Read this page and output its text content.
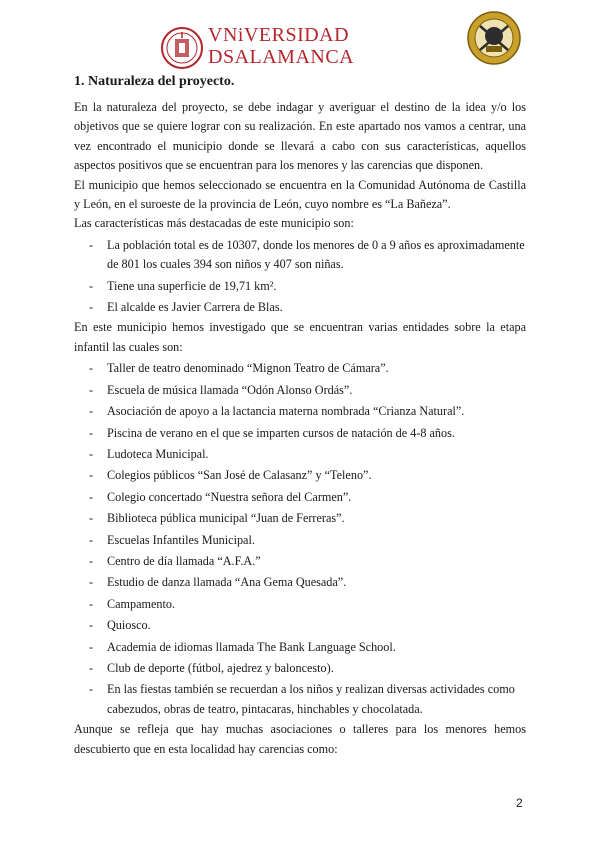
VNiVERSIDAD
DSALAMANCA
1. Naturaleza del proyecto.

En la naturaleza del proyecto, se debe indagar y averiguar el destino de la idea y/o los objetivos que se quiere lograr con su realización. En este apartado nos vamos a centrar, una vez encontrado el municipio donde se llevará a cabo con sus características, aquellos aspectos positivos que se encuentran para los menores y las carencias que disponen.

El municipio que hemos seleccionado se encuentra en la Comunidad Autónoma de Castilla y León, en el suroeste de la provincia de León, cuyo nombre es “La Bañeza”.

Las características más destacadas de este municipio son:

- La población total es de 10307, donde los menores de 0 a 9 años es aproximadamente de 801 los cuales 394 son niños y 407 son niñas.
- Tiene una superficie de 19,71 km².
- El alcalde es Javier Carrera de Blas.

En este municipio hemos investigado que se encuentran varias entidades sobre la etapa infantil las cuales son:

- Taller de teatro denominado “Mignon Teatro de Cámara”.
- Escuela de música llamada “Odón Alonso Ordás”.
- Asociación de apoyo a la lactancia materna nombrada “Crianza Natural”.
- Piscina de verano en el que se imparten cursos de natación de 4-8 años.
- Ludoteca Municipal.
- Colegios públicos “San José de Calasanz” y “Teleno”.
- Colegio concertado “Nuestra señora del Carmen”.
- Biblioteca pública municipal “Juan de Ferreras”.
- Escuelas Infantiles Municipal.
- Centro de día llamada “A.F.A.”
- Estudio de danza llamada “Ana Gema Quesada”.
- Campamento.
- Quiosco.
- Academia de idiomas llamada The Bank Language School.
- Club de deporte (fútbol, ajedrez y baloncesto).
- En las fiestas también se recuerdan a los niños y realizan diversas actividades como cabezudos, obras de teatro, pintacaras, hinchables y chocolatada.

Aunque se refleja que hay muchas asociaciones o talleres para los menores hemos descubierto que en esta localidad hay carencias como:

2
